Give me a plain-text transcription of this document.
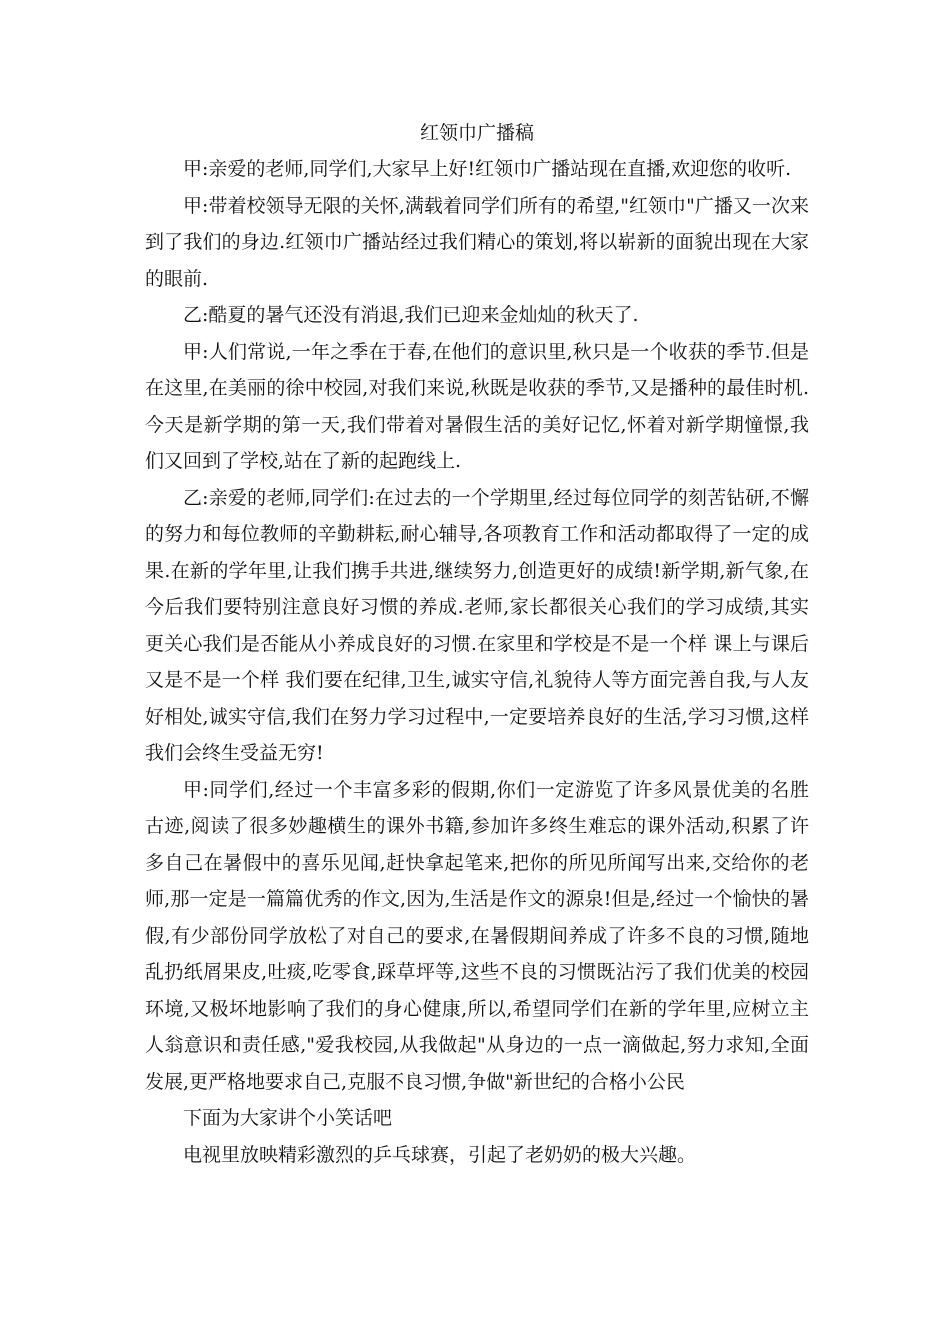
红领巾广播稿

甲:亲爱的老师,同学们,大家早上好!红领巾广播站现在直播,欢迎您的收听.

甲:带着校领导无限的关怀,满载着同学们所有的希望,"红领巾"广播又一次来到了我们的身边.红领巾广播站经过我们精心的策划,将以崭新的面貌出现在大家的眼前.

乙:酷夏的暑气还没有消退,我们已迎来金灿灿的秋天了.

甲:人们常说,一年之季在于春,在他们的意识里,秋只是一个收获的季节.但是在这里,在美丽的徐中校园,对我们来说,秋既是收获的季节,又是播种的最佳时机.今天是新学期的第一天,我们带着对暑假生活的美好记忆,怀着对新学期憧憬,我们又回到了学校,站在了新的起跑线上.

乙:亲爱的老师,同学们:在过去的一个学期里,经过每位同学的刻苦钻研,不懈的努力和每位教师的辛勤耕耘,耐心辅导,各项教育工作和活动都取得了一定的成果.在新的学年里,让我们携手共进,继续努力,创造更好的成绩!新学期,新气象,在今后我们要特别注意良好习惯的养成.老师,家长都很关心我们的学习成绩,其实更关心我们是否能从小养成良好的习惯.在家里和学校是不是一个样 课上与课后又是不是一个样 我们要在纪律,卫生,诚实守信,礼貌待人等方面完善自我,与人友好相处,诚实守信,我们在努力学习过程中,一定要培养良好的生活,学习习惯,这样我们会终生受益无穷!

甲:同学们,经过一个丰富多彩的假期,你们一定游览了许多风景优美的名胜古迹,阅读了很多妙趣横生的课外书籍,参加许多终生难忘的课外活动,积累了许多自己在暑假中的喜乐见闻,赶快拿起笔来,把你的所见所闻写出来,交给你的老师,那一定是一篇篇优秀的作文,因为,生活是作文的源泉!但是,经过一个愉快的暑假,有少部份同学放松了对自己的要求,在暑假期间养成了许多不良的习惯,随地乱扔纸屑果皮,吐痰,吃零食,踩草坪等,这些不良的习惯既沾污了我们优美的校园环境,又极坏地影响了我们的身心健康,所以,希望同学们在新的学年里,应树立主人翁意识和责任感,"爱我校园,从我做起"从身边的一点一滴做起,努力求知,全面发展,更严格地要求自己,克服不良习惯,争做"新世纪的合格小公民

下面为大家讲个小笑话吧

电视里放映精彩激烈的乒乓球赛，引起了老奶奶的极大兴趣。
